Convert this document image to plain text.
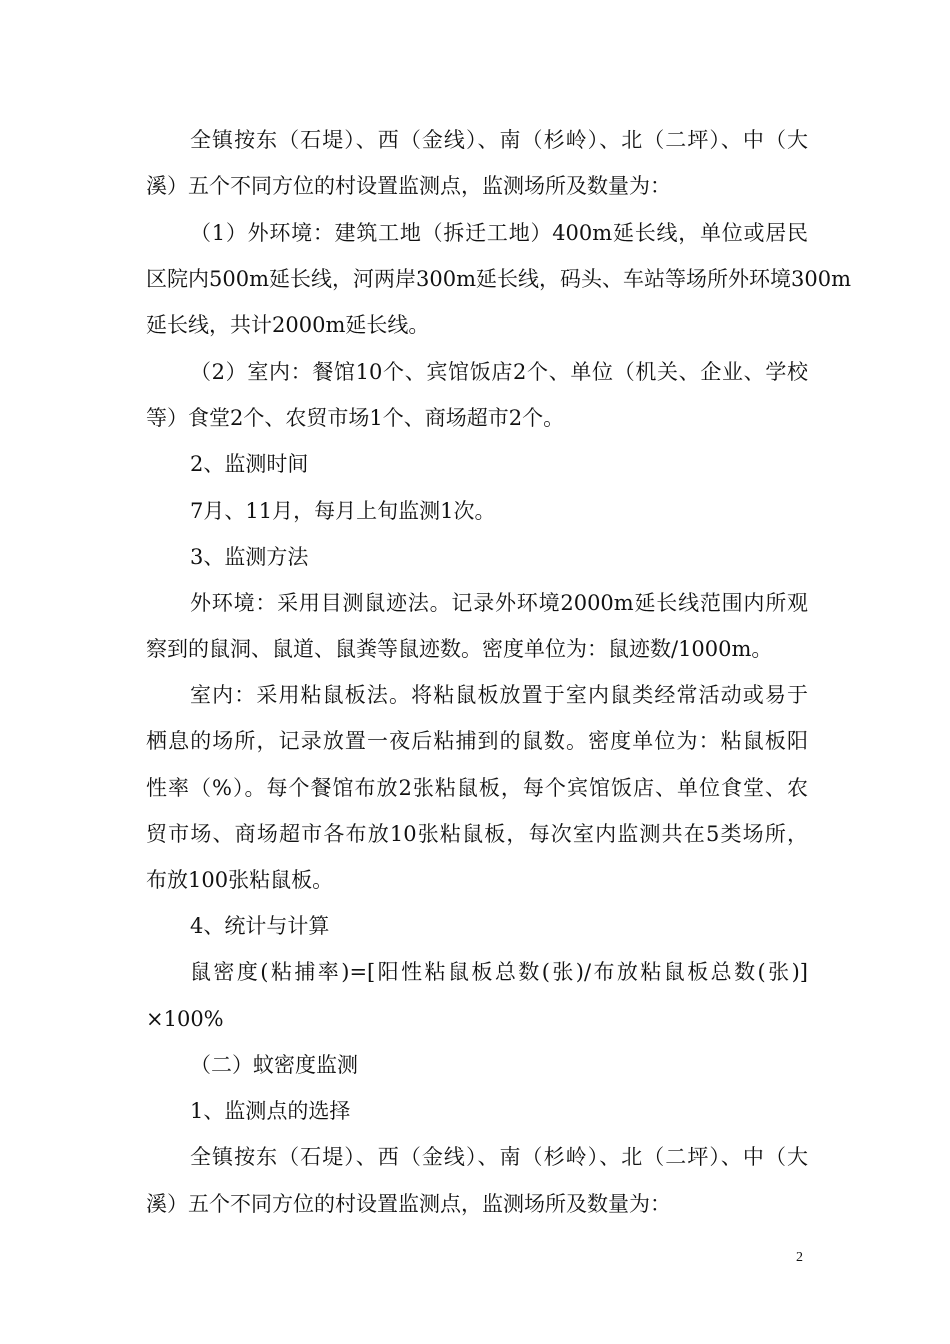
全镇按东（石堤）、西（金线）、南（杉岭）、北（二坪）、中（大
溪）五个不同方位的村设置监测点，监测场所及数量为：
（1）外环境：建筑工地（拆迁工地）400m延长线，单位或居民
区院内500m延长线，河两岸300m延长线，码头、车站等场所外环境300m
延长线，共计2000m延长线。
（2）室内：餐馆10个、宾馆饭店2个、单位（机关、企业、学校
等）食堂2个、农贸市场1个、商场超市2个。
2、监测时间
7月、11月，每月上旬监测1次。
3、监测方法
外环境：采用目测鼠迹法。记录外环境2000m延长线范围内所观
察到的鼠洞、鼠道、鼠粪等鼠迹数。密度单位为：鼠迹数/1000m。
室内：采用粘鼠板法。将粘鼠板放置于室内鼠类经常活动或易于
栖息的场所，记录放置一夜后粘捕到的鼠数。密度单位为：粘鼠板阳
性率（%）。每个餐馆布放2张粘鼠板，每个宾馆饭店、单位食堂、农
贸市场、商场超市各布放10张粘鼠板，每次室内监测共在5类场所，
布放100张粘鼠板。
4、统计与计算
鼠密度(粘捕率)=[阳性粘鼠板总数(张)/布放粘鼠板总数(张)]
×100%
（二）蚊密度监测
1、监测点的选择
全镇按东（石堤）、西（金线）、南（杉岭）、北（二坪）、中（大
溪）五个不同方位的村设置监测点，监测场所及数量为：
2
